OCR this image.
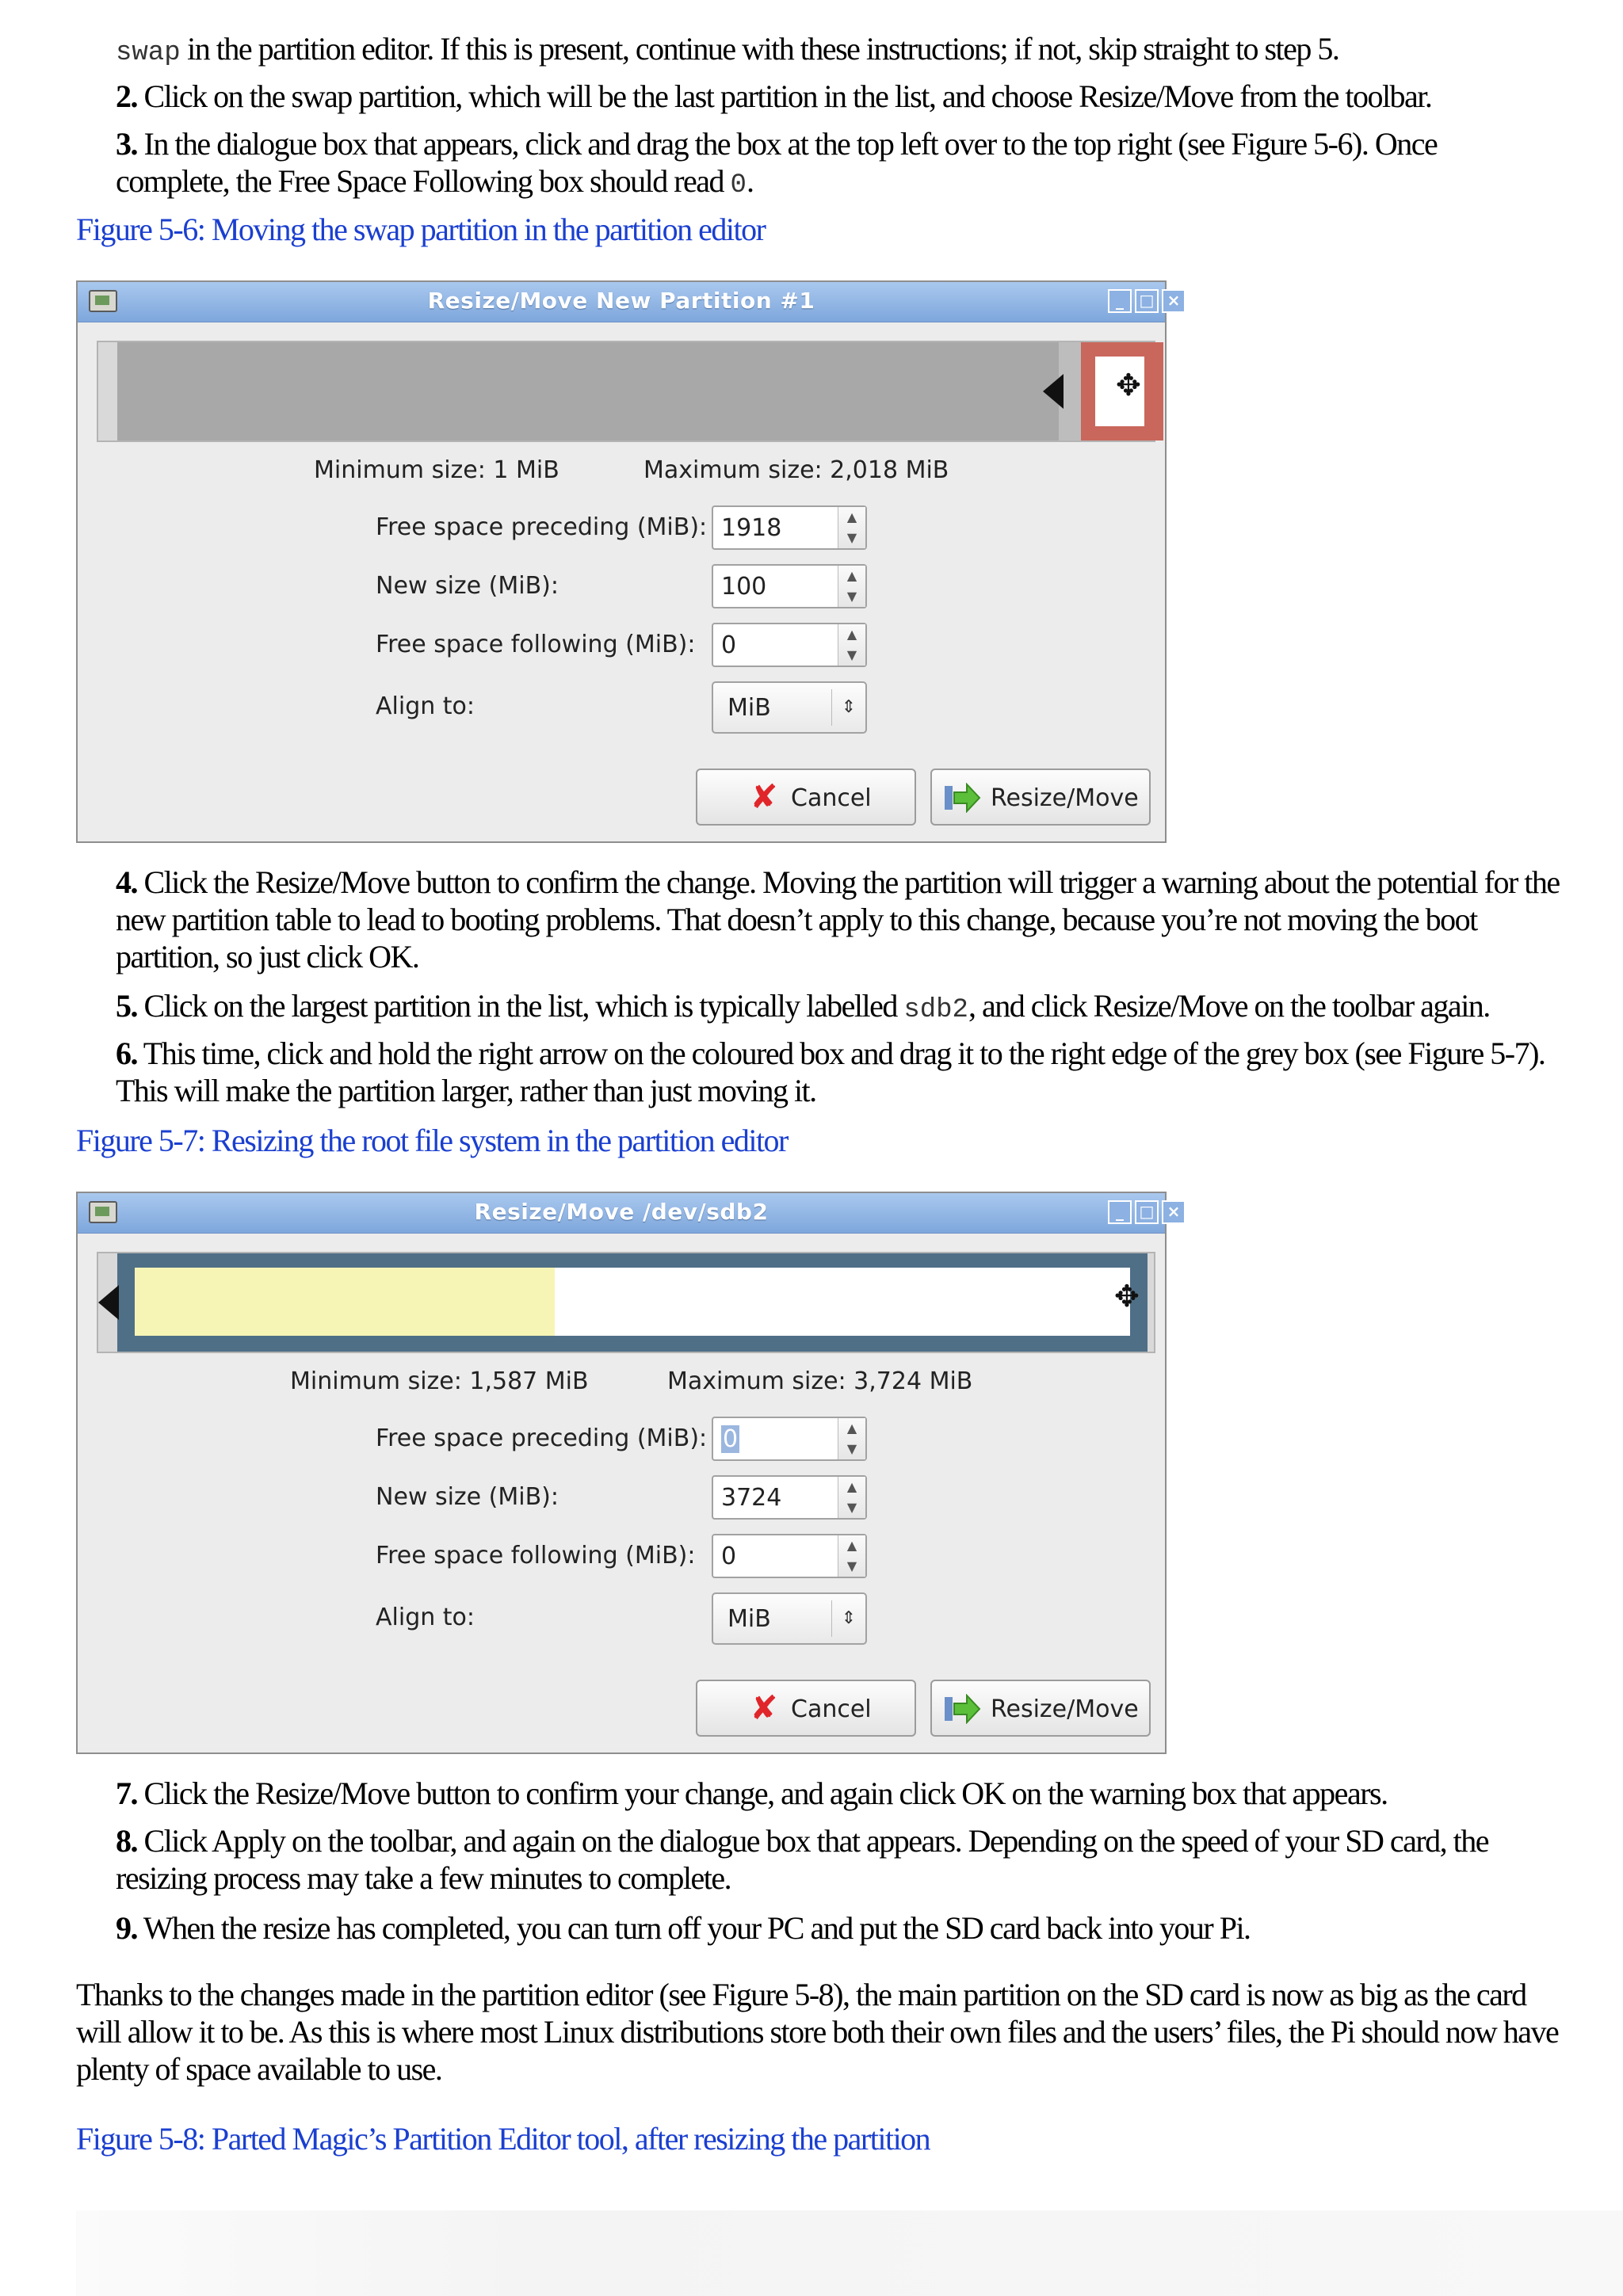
swap in the partition editor. If this is present, continue with these instructions; if not, skip straight to step 5.
2. Click on the swap partition, which will be the last partition in the list, and choose Resize/Move from the toolbar.
3. In the dialogue box that appears, click and drag the box at the top left over to the top right (see Figure 5-6). Once
complete, the Free Space Following box should read 0.
Figure 5-6: Moving the swap partition in the partition editor
Resize/Move New Partition #1	_ □ ×
✥
Minimum size: 1 MiB	Maximum size: 2,018 MiB
Free space preceding (MiB): 1918	▲
▼
New size (MiB):	100	▲
▼
Free space following (MiB): 0	▲
▼
Align to:	MiB	⇕
✘ Cancel	Resize/Move
4. Click the Resize/Move button to confirm the change. Moving the partition will trigger a warning about the potential for the
new partition table to lead to booting problems. That doesn’t apply to this change, because you’re not moving the boot
partition, so just click OK.
5. Click on the largest partition in the list, which is typically labelled sdb2, and click Resize/Move on the toolbar again.
6. This time, click and hold the right arrow on the coloured box and drag it to the right edge of the grey box (see Figure 5-7).
This will make the partition larger, rather than just moving it.
Figure 5-7: Resizing the root file system in the partition editor
Resize/Move /dev/sdb2	_ □ ×
✥
Minimum size: 1,587 MiB	Maximum size: 3,724 MiB
Free space preceding (MiB): 0	▲
▼
New size (MiB):	3724	▲
▼
Free space following (MiB): 0	▲
▼
Align to:	MiB	⇕
✘ Cancel	Resize/Move
7. Click the Resize/Move button to confirm your change, and again click OK on the warning box that appears.
8. Click Apply on the toolbar, and again on the dialogue box that appears. Depending on the speed of your SD card, the
resizing process may take a few minutes to complete.
9. When the resize has completed, you can turn off your PC and put the SD card back into your Pi.
Thanks to the changes made in the partition editor (see Figure 5-8), the main partition on the SD card is now as big as the card
will allow it to be. As this is where most Linux distributions store both their own files and the users’ files, the Pi should now have
plenty of space available to use.
Figure 5-8: Parted Magic’s Partition Editor tool, after resizing the partition
